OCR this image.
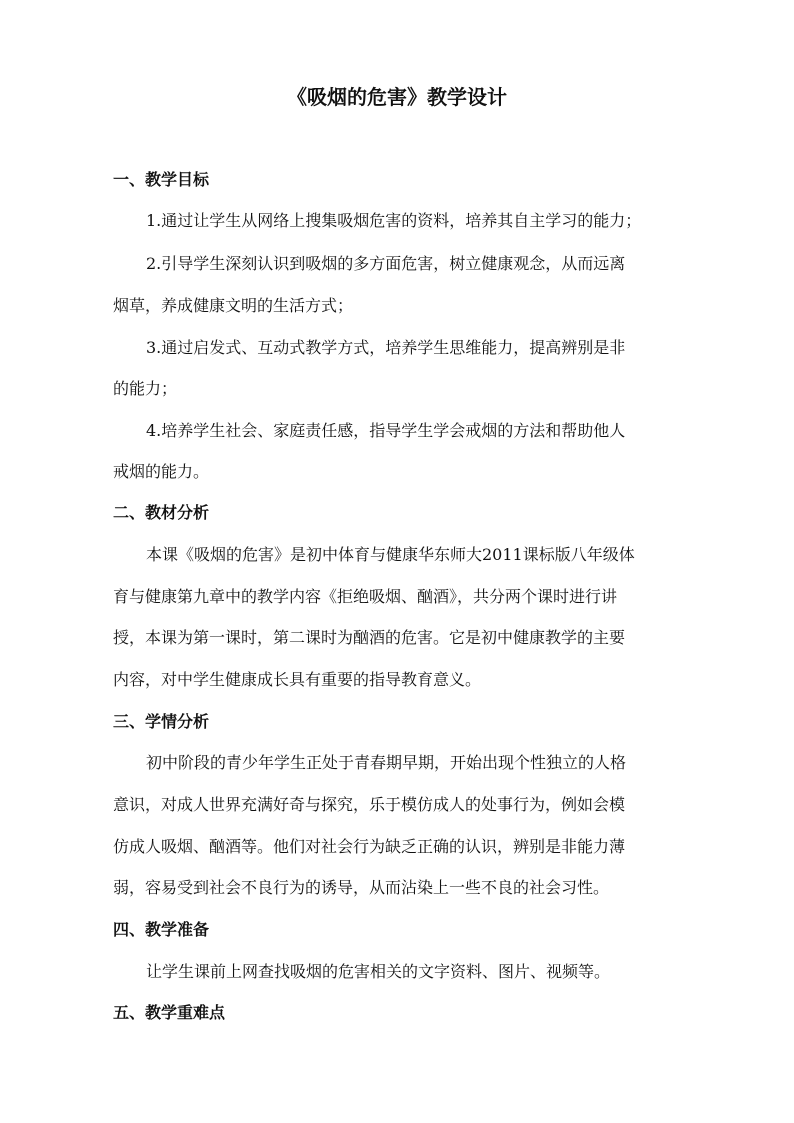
《吸烟的危害》教学设计
一、教学目标
1.通过让学生从网络上搜集吸烟危害的资料，培养其自主学习的能力；
2.引导学生深刻认识到吸烟的多方面危害，树立健康观念，从而远离
烟草，养成健康文明的生活方式；
3.通过启发式、互动式教学方式，培养学生思维能力，提高辨别是非
的能力；
4.培养学生社会、家庭责任感，指导学生学会戒烟的方法和帮助他人
戒烟的能力。
二、教材分析
本课《吸烟的危害》是初中体育与健康华东师大2011课标版八年级体
育与健康第九章中的教学内容《拒绝吸烟、酗酒》，共分两个课时进行讲
授，本课为第一课时，第二课时为酗酒的危害。它是初中健康教学的主要
内容，对中学生健康成长具有重要的指导教育意义。
三、学情分析
初中阶段的青少年学生正处于青春期早期，开始出现个性独立的人格
意识，对成人世界充满好奇与探究，乐于模仿成人的处事行为，例如会模
仿成人吸烟、酗酒等。他们对社会行为缺乏正确的认识，辨别是非能力薄
弱，容易受到社会不良行为的诱导，从而沾染上一些不良的社会习性。
四、教学准备
让学生课前上网查找吸烟的危害相关的文字资料、图片、视频等。
五、教学重难点
